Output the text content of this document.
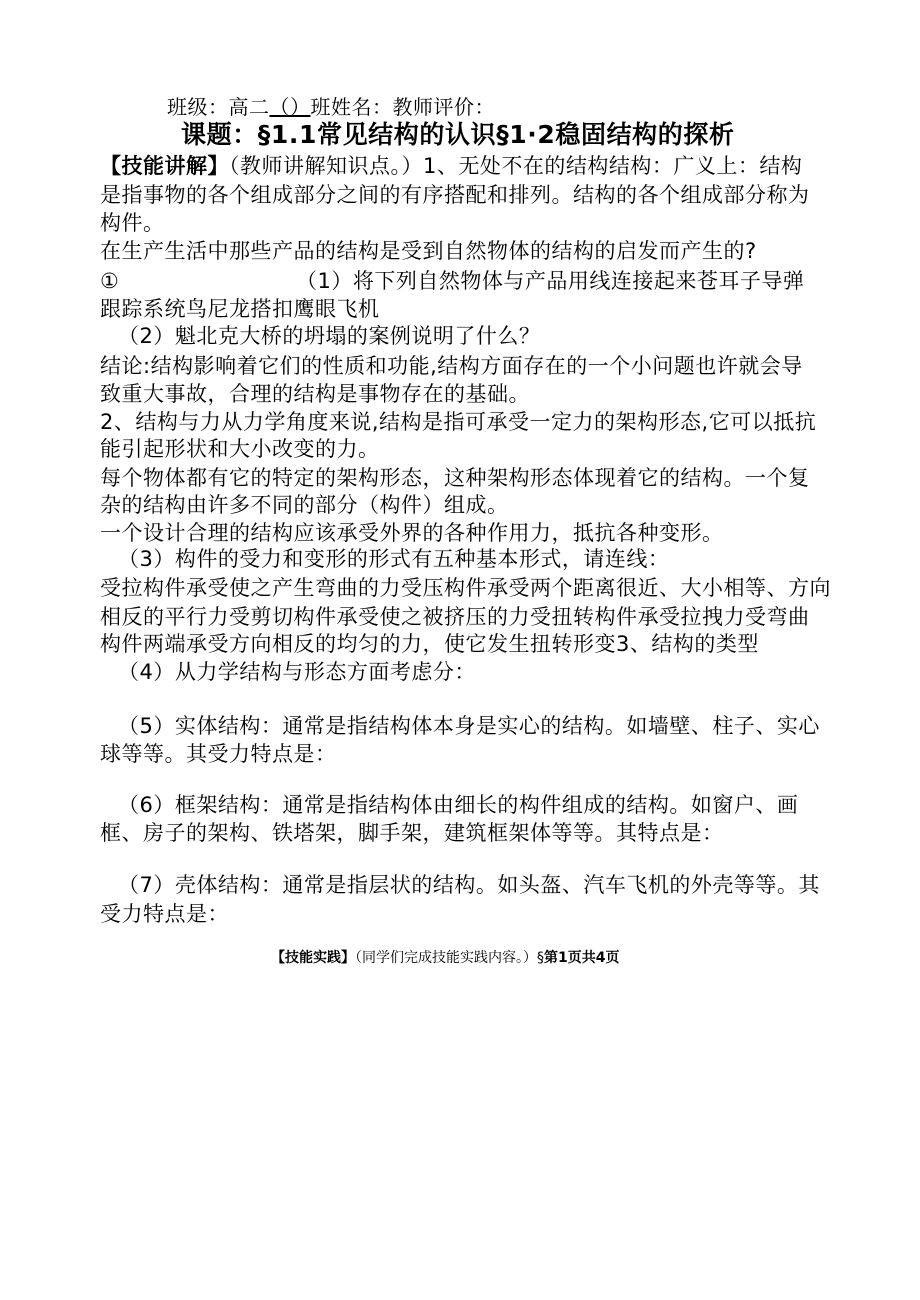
班级：高二（）班姓名：教师评价：
课题：§1.1常见结构的认识§1·2稳固结构的探析
【技能讲解】（教师讲解知识点。）1、无处不在的结构结构：广义上：结构
是指事物的各个组成部分之间的有序搭配和排列。结构的各个组成部分称为
构件。
在生产生活中那些产品的结构是受到自然物体的结构的启发而产生的?
①	（1）将下列自然物体与产品用线连接起来苍耳子导弹
跟踪系统鸟尼龙搭扣鹰眼飞机
（2）魁北克大桥的坍塌的案例说明了什么？
结论:结构影响着它们的性质和功能,结构方面存在的一个小问题也许就会导
致重大事故，合理的结构是事物存在的基础。
2、结构与力从力学角度来说,结构是指可承受一定力的架构形态,它可以抵抗
能引起形状和大小改变的力。
每个物体都有它的特定的架构形态，这种架构形态体现着它的结构。一个复
杂的结构由许多不同的部分（构件）组成。
一个设计合理的结构应该承受外界的各种作用力，抵抗各种变形。
（3）构件的受力和变形的形式有五种基本形式，请连线：
受拉构件承受使之产生弯曲的力受压构件承受两个距离很近、大小相等、方向
相反的平行力受剪切构件承受使之被挤压的力受扭转构件承受拉拽力受弯曲
构件两端承受方向相反的均匀的力，使它发生扭转形变3、结构的类型
（4）从力学结构与形态方面考虑分：
（5）实体结构：通常是指结构体本身是实心的结构。如墙壁、柱子、实心
球等等。其受力特点是：
（6）框架结构：通常是指结构体由细长的构件组成的结构。如窗户、画
框、房子的架构、铁塔架，脚手架，建筑框架体等等。其特点是：
（7）壳体结构：通常是指层状的结构。如头盔、汽车飞机的外壳等等。其
受力特点是：
【技能实践】（同学们完成技能实践内容。）§第1页共4页
